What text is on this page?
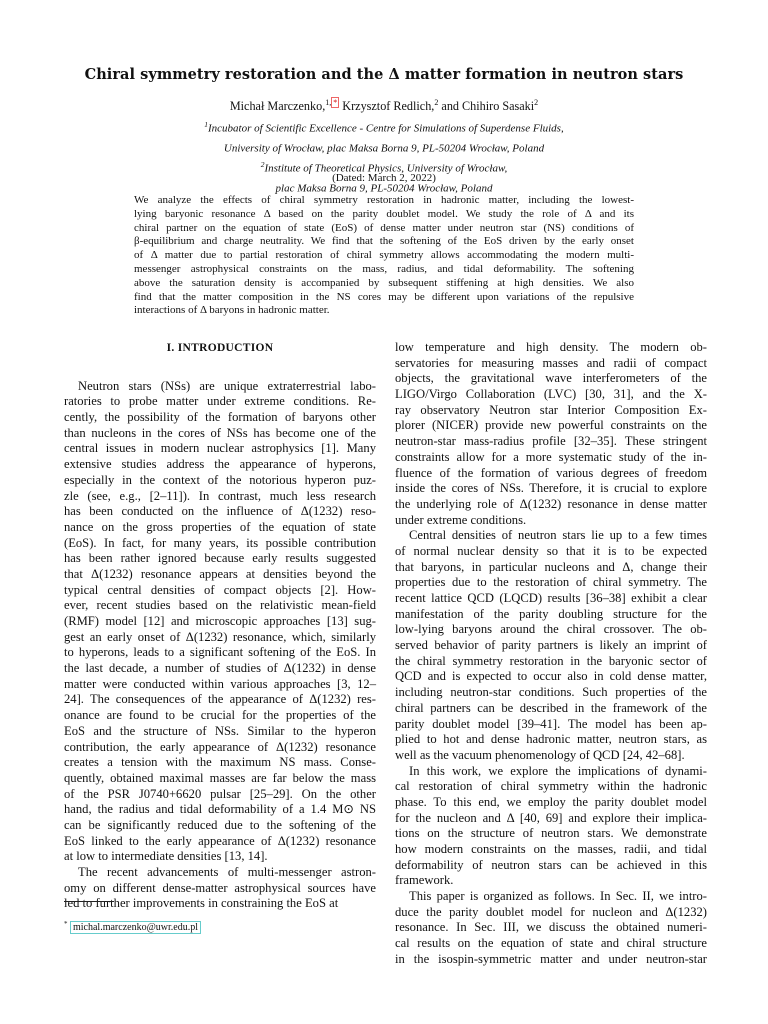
Chiral symmetry restoration and the Δ matter formation in neutron stars
Michał Marczenko,$^{1,}$ * Krzysztof Redlich,$^2$ and Chihiro Sasaki$^2$
$^1$Incubator of Scientific Excellence - Centre for Simulations of Superdense Fluids,
University of Wrocław, plac Maksa Borna 9, PL-50204 Wrocław, Poland
$^2$Institute of Theoretical Physics, University of Wrocław,
plac Maksa Borna 9, PL-50204 Wrocław, Poland
(Dated: March 2, 2022)
We analyze the effects of chiral symmetry restoration in hadronic matter, including the lowest-
lying baryonic resonance Δ based on the parity doublet model. We study the role of Δ and its
chiral partner on the equation of state (EoS) of dense matter under neutron star (NS) conditions of
β-equilibrium and charge neutrality. We find that the softening of the EoS driven by the early onset
of Δ matter due to partial restoration of chiral symmetry allows accommodating the modern multi-
messenger astrophysical constraints on the mass, radius, and tidal deformability. The softening
above the saturation density is accompanied by subsequent stiffening at high densities. We also
find that the matter composition in the NS cores may be different upon variations of the repulsive
interactions of Δ baryons in hadronic matter.
I. INTRODUCTION
Neutron stars (NSs) are unique extraterrestrial labo-
ratories to probe matter under extreme conditions. Re-
cently, the possibility of the formation of baryons other
than nucleons in the cores of NSs has become one of the
central issues in modern nuclear astrophysics [1]. Many
extensive studies address the appearance of hyperons,
especially in the context of the notorious hyperon puz-
zle (see, e.g., [2–11]). In contrast, much less research
has been conducted on the influence of Δ(1232) reso-
nance on the gross properties of the equation of state
(EoS). In fact, for many years, its possible contribution
has been rather ignored because early results suggested
that Δ(1232) resonance appears at densities beyond the
typical central densities of compact objects [2]. How-
ever, recent studies based on the relativistic mean-field
(RMF) model [12] and microscopic approaches [13] sug-
gest an early onset of Δ(1232) resonance, which, similarly
to hyperons, leads to a significant softening of the EoS. In
the last decade, a number of studies of Δ(1232) in dense
matter were conducted within various approaches [3, 12–
24]. The consequences of the appearance of Δ(1232) res-
onance are found to be crucial for the properties of the
EoS and the structure of NSs. Similar to the hyperon
contribution, the early appearance of Δ(1232) resonance
creates a tension with the maximum NS mass. Conse-
quently, obtained maximal masses are far below the mass
of the PSR J0740+6620 pulsar [25–29]. On the other
hand, the radius and tidal deformability of a 1.4 M⊙ NS
can be significantly reduced due to the softening of the
EoS linked to the early appearance of Δ(1232) resonance
at low to intermediate densities [13, 14].
The recent advancements of multi-messenger astron-
omy on different dense-matter astrophysical sources have
led to further improvements in constraining the EoS at
low temperature and high density. The modern ob-
servatories for measuring masses and radii of compact
objects, the gravitational wave interferometers of the
LIGO/Virgo Collaboration (LVC) [30, 31], and the X-
ray observatory Neutron star Interior Composition Ex-
plorer (NICER) provide new powerful constraints on the
neutron-star mass-radius profile [32–35]. These stringent
constraints allow for a more systematic study of the in-
fluence of the formation of various degrees of freedom
inside the cores of NSs. Therefore, it is crucial to explore
the underlying role of Δ(1232) resonance in dense matter
under extreme conditions.
Central densities of neutron stars lie up to a few times
of normal nuclear density so that it is to be expected
that baryons, in particular nucleons and Δ, change their
properties due to the restoration of chiral symmetry. The
recent lattice QCD (LQCD) results [36–38] exhibit a clear
manifestation of the parity doubling structure for the
low-lying baryons around the chiral crossover. The ob-
served behavior of parity partners is likely an imprint of
the chiral symmetry restoration in the baryonic sector of
QCD and is expected to occur also in cold dense matter,
including neutron-star conditions. Such properties of the
chiral partners can be described in the framework of the
parity doublet model [39–41]. The model has been ap-
plied to hot and dense hadronic matter, neutron stars, as
well as the vacuum phenomenology of QCD [24, 42–68].
In this work, we explore the implications of dynami-
cal restoration of chiral symmetry within the hadronic
phase. To this end, we employ the parity doublet model
for the nucleon and Δ [40, 69] and explore their implica-
tions on the structure of neutron stars. We demonstrate
how modern constraints on the masses, radii, and tidal
deformability of neutron stars can be achieved in this
framework.
This paper is organized as follows. In Sec. II, we intro-
duce the parity doublet model for nucleon and Δ(1232)
resonance. In Sec. III, we discuss the obtained numeri-
cal results on the equation of state and chiral structure
in the isospin-symmetric matter and under neutron-star
* michal.marczenko@uwr.edu.pl
